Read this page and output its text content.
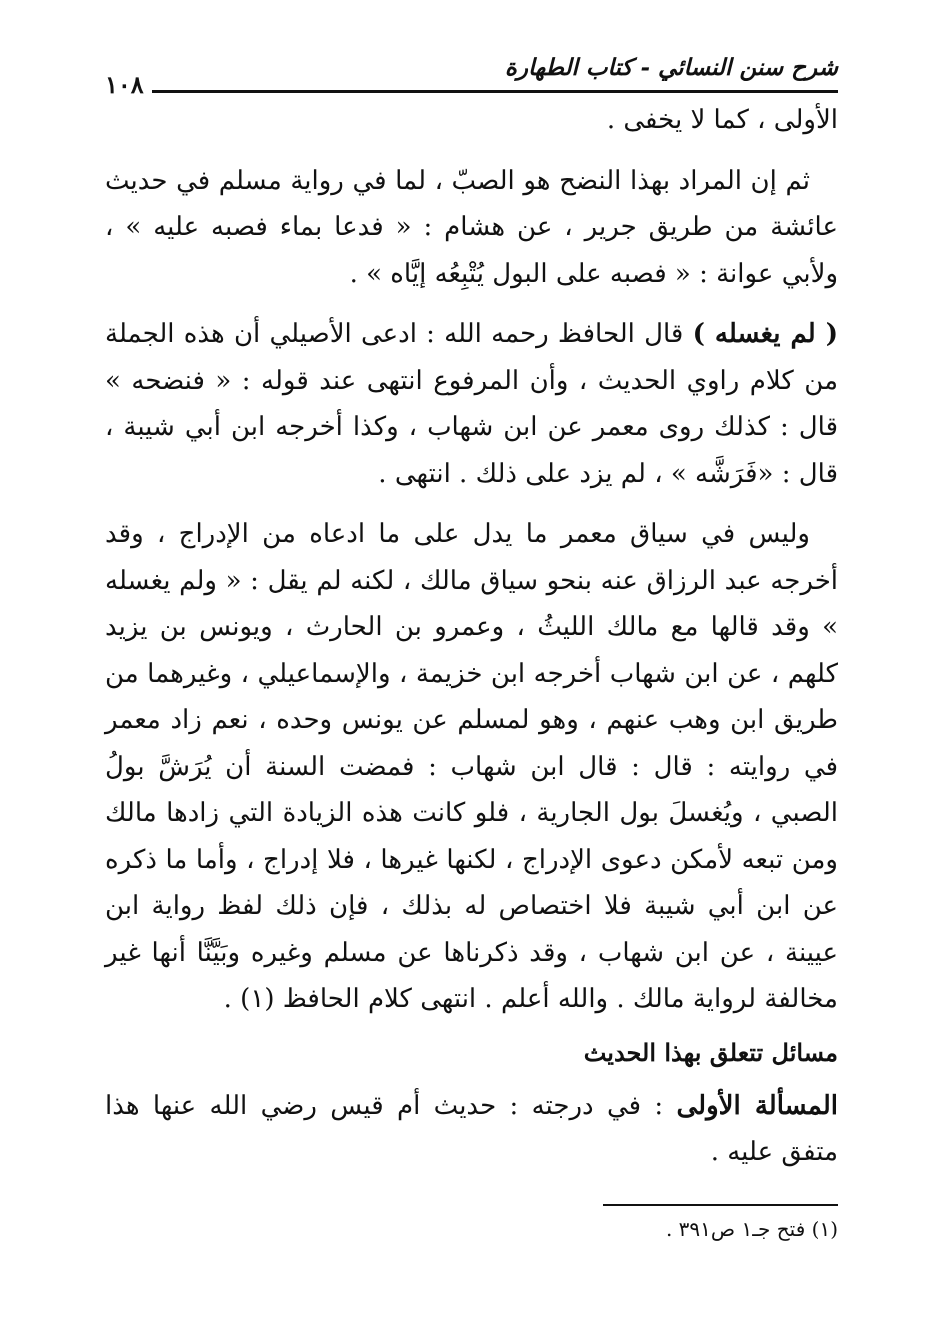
شرح سنن النسائي - كتاب الطهارة
١٠٨

الأولى ، كما لا يخفى .

ثم إن المراد بهذا النضح هو الصبّ ، لما في رواية مسلم في حديث عائشة من طريق جرير ، عن هشام : « فدعا بماء فصبه عليه » ، ولأبي عوانة : « فصبه على البول يُتْبِعُه إيَّاه » .

( لم يغسله ) قال الحافظ رحمه الله : ادعى الأصيلي أن هذه الجملة من كلام راوي الحديث ، وأن المرفوع انتهى عند قوله : « فنضحه » قال : كذلك روى معمر عن ابن شهاب ، وكذا أخرجه ابن أبي شيبة ، قال : «فَرَشَّه » ، لم يزد على ذلك . انتهى .

وليس في سياق معمر ما يدل على ما ادعاه من الإدراج ، وقد أخرجه عبد الرزاق عنه بنحو سياق مالك ، لكنه لم يقل : « ولم يغسله » وقد قالها مع مالك الليثُ ، وعمرو بن الحارث ، ويونس بن يزيد كلهم ، عن ابن شهاب أخرجه ابن خزيمة ، والإسماعيلي ، وغيرهما من طريق ابن وهب عنهم ، وهو لمسلم عن يونس وحده ، نعم زاد معمر في روايته : قال : قال ابن شهاب : فمضت السنة أن يُرَشَّ بولُ الصبي ، ويُغسلَ بول الجارية ، فلو كانت هذه الزيادة التي زادها مالك ومن تبعه لأمكن دعوى الإدراج ، لكنها غيرها ، فلا إدراج ، وأما ما ذكره عن ابن أبي شيبة فلا اختصاص له بذلك ، فإن ذلك لفظ رواية ابن عيينة ، عن ابن شهاب ، وقد ذكرناها عن مسلم وغيره وبَيَّنَّا أنها غير مخالفة لرواية مالك . والله أعلم . انتهى كلام الحافظ (١) .

مسائل تتعلق بهذا الحديث

المسألة الأولى : في درجته : حديث أم قيس رضي الله عنها هذا متفق عليه .

(١) فتح جـ١ ص٣٩١ .
